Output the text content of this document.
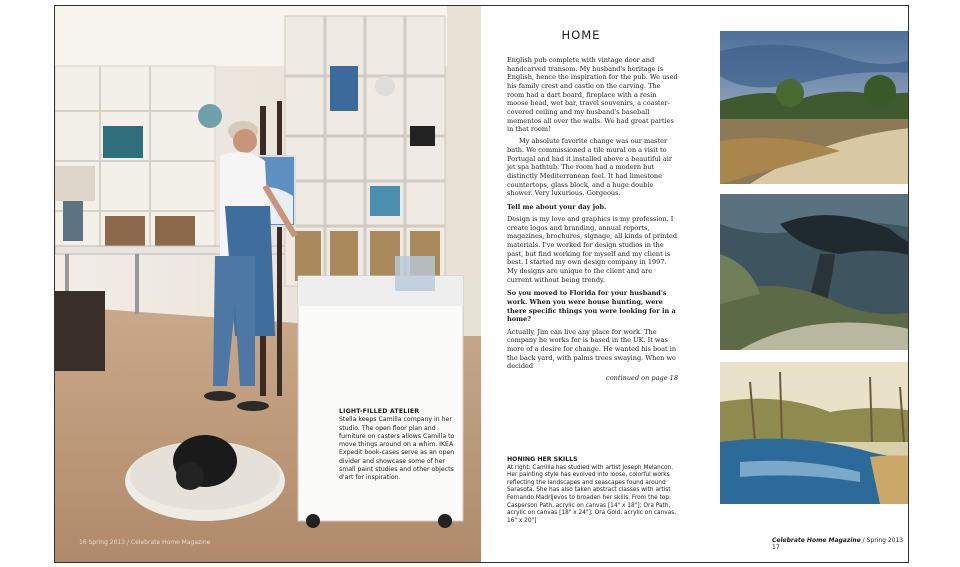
LIGHT-FILLED ATELIER
Stella keeps Camilla company in her studio. The open floor plan and furniture on casters allows Camilla to move things around on a whim. IKEA Expedit book-cases serve as an open divider and showcase some of her small paint studies and other objects d'art for inspiration.
16 Spring 2013 / Celebrate Home Magazine
HOME

English pub complete with vintage door and handcarved transom. My husband's heritage is English, hence the inspiration for the pub. We used his family crest and castle on the carving. The room had a dart board, fireplace with a resin moose head, wet bar, travel souvenirs, a coaster-covered ceiling and my husband's baseball mementos all over the walls. We had great parties in that room!

My absolute favorite change was our master bath. We commissioned a tile mural on a visit to Portugal and had it installed above a beautiful air jet spa bathtub. The room had a modern but distinctly Mediterranean feel. It had limestone countertops, glass block, and a huge double shower. Very luxurious. Gorgeous.

Tell me about your day job.

Design is my love and graphics is my profession. I create logos and branding, annual reports, magazines, brochures, signage, all kinds of printed materials. I've worked for design studios in the past, but find working for myself and my client is best. I started my own design company in 1997. My designs are unique to the client and are current without being trendy.

So you moved to Florida for your husband's work. When you were house hunting, were there specific things you were looking for in a home?

Actually, Jim can live any place for work. The company he works for is based in the UK. It was more of a desire for change. He wanted his boat in the back yard, with palms trees swaying. When we decided

continued on page 18

HONING HER SKILLS
At right: Camilla has studied with artist Joseph Melancon. Her painting style has evolved into loose, colorful works reflecting the landscapes and seascapes found around Sarasota. She has also taken abstract classes with artist Fernando Madrijevos to broaden her skills. From the top: Casperson Path, acrylic on canvas [14" x 18"]; Ora Path, acrylic on canvas [18" x 24"]; Ora Gold, acrylic on canvas, 16" x 20"]
Celebrate Home Magazine / Spring 2013 17
